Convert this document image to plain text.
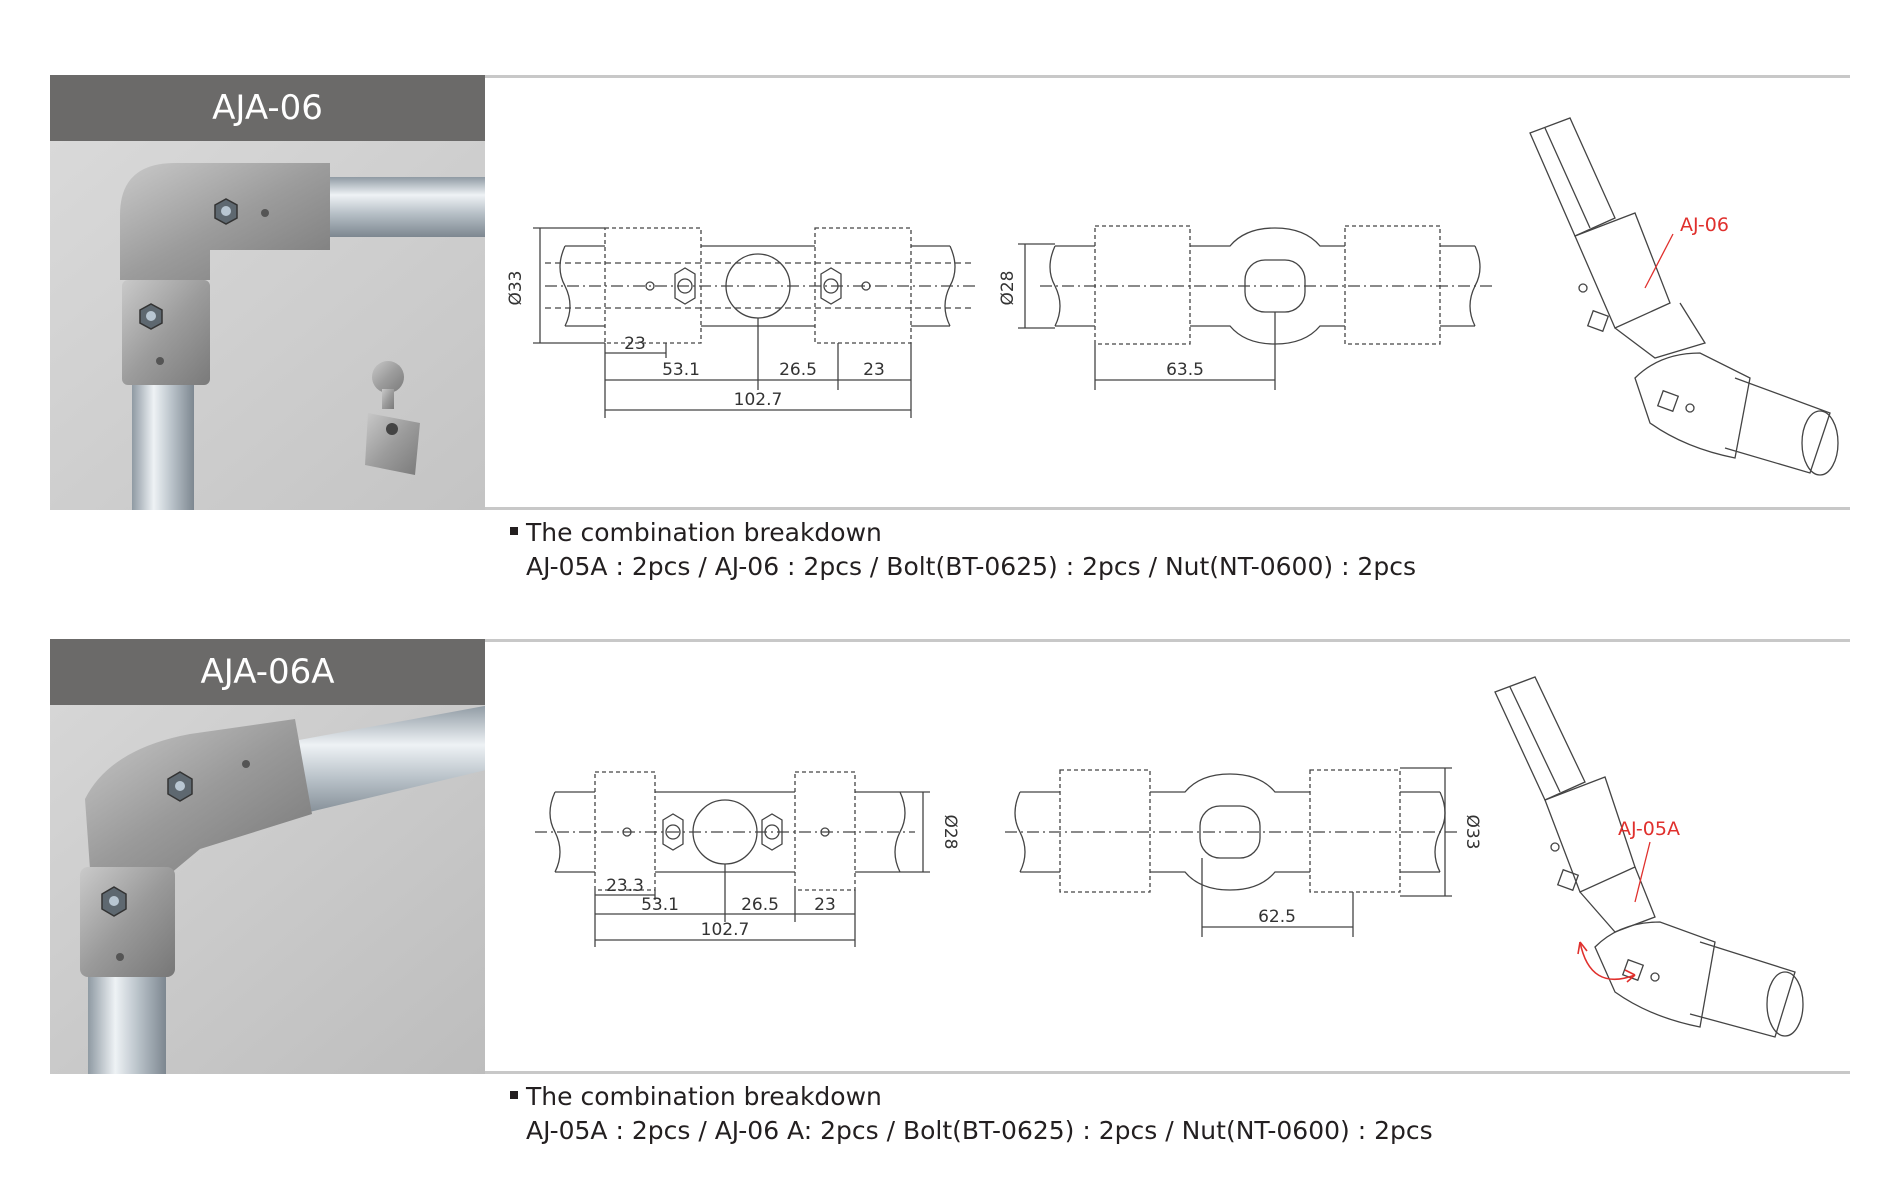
AJA-06
Ø33
23
53.1	26.5	23
102.7
Ø28
63.5
AJ-06
The combination breakdown
AJ-05A : 2pcs / AJ-06 : 2pcs / Bolt(BT-0625) : 2pcs / Nut(NT-0600) : 2pcs
AJA-06A
Ø28
23.3
53.1	26.5 23
102.7
Ø33
62.5
AJ-05A
The combination breakdown
AJ-05A : 2pcs / AJ-06 A: 2pcs / Bolt(BT-0625) : 2pcs / Nut(NT-0600) : 2pcs
